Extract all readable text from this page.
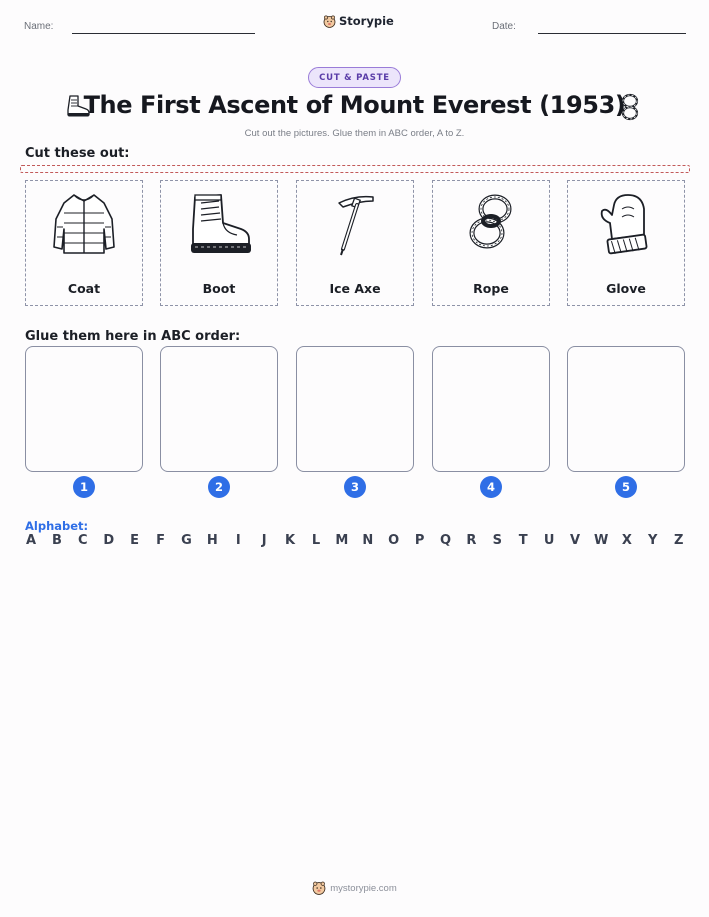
Name:	Storypie	Date:
CUT & PASTE
The First Ascent of Mount Everest (1953)
Cut out the pictures. Glue them in ABC order, A to Z.
Cut these out:
Coat	Boot	Ice Axe	Rope	Glove
Glue them here in ABC order:
1	2	3	4	5
Alphabet:
A B C D E F G H	I	J	K L M N O P Q R S T U V W X Y Z
mystorypie.com
